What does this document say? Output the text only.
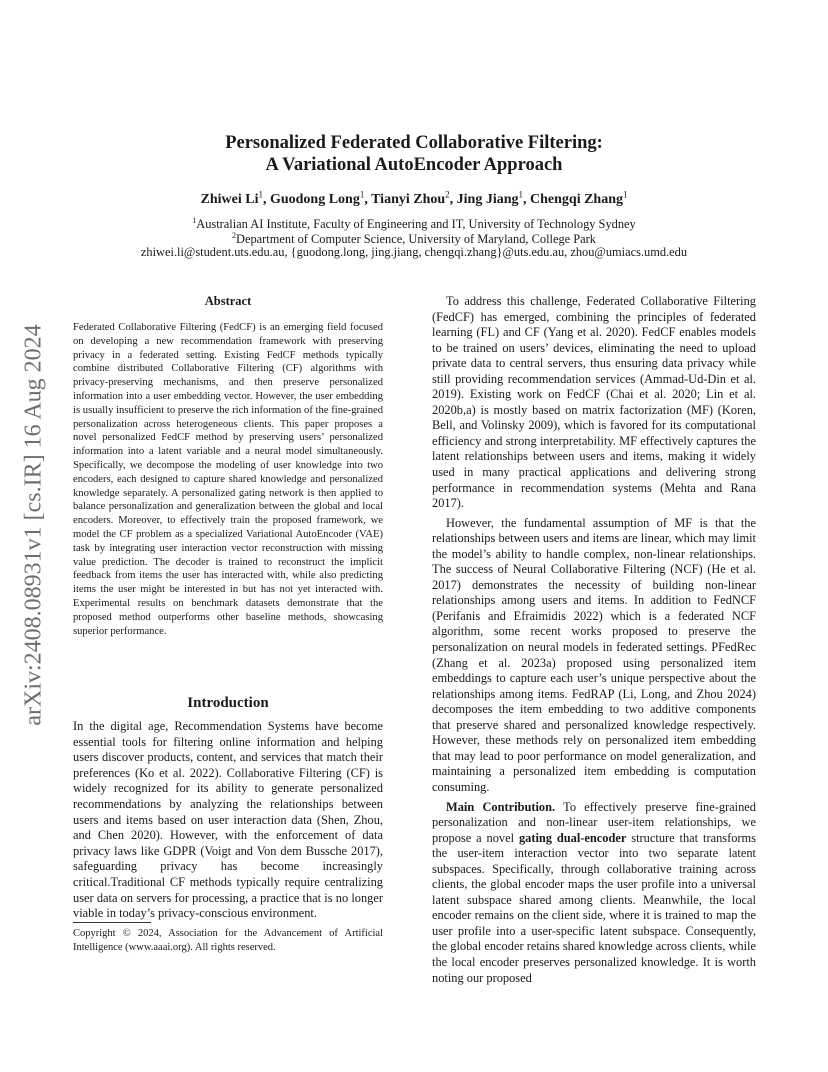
arXiv:2408.08931v1 [cs.IR] 16 Aug 2024
Personalized Federated Collaborative Filtering:
A Variational AutoEncoder Approach
Zhiwei Li$^1$, Guodong Long$^1$, Tianyi Zhou$^2$, Jing Jiang$^1$, Chengqi Zhang$^1$
$^1$Australian AI Institute, Faculty of Engineering and IT, University of Technology Sydney
$^2$Department of Computer Science, University of Maryland, College Park
zhiwei.li@student.uts.edu.au, {guodong.long, jing.jiang, chengqi.zhang}@uts.edu.au, zhou@umiacs.umd.edu
Abstract
Federated Collaborative Filtering (FedCF) is an emerging field focused on developing a new recommendation framework with preserving privacy in a federated setting. Existing FedCF methods typically combine distributed Collaborative Filtering (CF) algorithms with privacy-preserving mechanisms, and then preserve personalized information into a user embedding vector. However, the user embedding is usually insufficient to preserve the rich information of the fine-grained personalization across heterogeneous clients. This paper proposes a novel personalized FedCF method by preserving users’ personalized information into a latent variable and a neural model simultaneously. Specifically, we decompose the modeling of user knowledge into two encoders, each designed to capture shared knowledge and personalized knowledge separately. A personalized gating network is then applied to balance personalization and generalization between the global and local encoders. Moreover, to effectively train the proposed framework, we model the CF problem as a specialized Variational AutoEncoder (VAE) task by integrating user interaction vector reconstruction with missing value prediction. The decoder is trained to reconstruct the implicit feedback from items the user has interacted with, while also predicting items the user might be interested in but has not yet interacted with. Experimental results on benchmark datasets demonstrate that the proposed method outperforms other baseline methods, showcasing superior performance.
Introduction
In the digital age, Recommendation Systems have become essential tools for filtering online information and helping users discover products, content, and services that match their preferences (Ko et al. 2022). Collaborative Filtering (CF) is widely recognized for its ability to generate personalized recommendations by analyzing the relationships between users and items based on user interaction data (Shen, Zhou, and Chen 2020). However, with the enforcement of data privacy laws like GDPR (Voigt and Von dem Bussche 2017), safeguarding privacy has become increasingly critical.Traditional CF methods typically require centralizing user data on servers for processing, a practice that is no longer viable in today’s privacy-conscious environment.
Copyright © 2024, Association for the Advancement of Artificial Intelligence (www.aaai.org). All rights reserved.

To address this challenge, Federated Collaborative Filtering (FedCF) has emerged, combining the principles of federated learning (FL) and CF (Yang et al. 2020). FedCF enables models to be trained on users’ devices, eliminating the need to upload private data to central servers, thus ensuring data privacy while still providing recommendation services (Ammad-Ud-Din et al. 2019). Existing work on FedCF (Chai et al. 2020; Lin et al. 2020b,a) is mostly based on matrix factorization (MF) (Koren, Bell, and Volinsky 2009), which is favored for its computational efficiency and strong interpretability. MF effectively captures the latent relationships between users and items, making it widely used in many practical applications and delivering strong performance in recommendation systems (Mehta and Rana 2017).

However, the fundamental assumption of MF is that the relationships between users and items are linear, which may limit the model’s ability to handle complex, non-linear relationships. The success of Neural Collaborative Filtering (NCF) (He et al. 2017) demonstrates the necessity of building non-linear relationships among users and items. In addition to FedNCF (Perifanis and Efraimidis 2022) which is a federated NCF algorithm, some recent works proposed to preserve the personalization on neural models in federated settings. PFedRec (Zhang et al. 2023a) proposed using personalized item embeddings to capture each user’s unique perspective about the relationships among items. FedRAP (Li, Long, and Zhou 2024) decomposes the item embedding to two additive components that preserve shared and personalized knowledge respectively. However, these methods rely on personalized item embedding that may lead to poor performance on model generalization, and maintaining a personalized item embedding is computation consuming.

Main Contribution. To effectively preserve fine-grained personalization and non-linear user-item relationships, we propose a novel gating dual-encoder structure that transforms the user-item interaction vector into two separate latent subspaces. Specifically, through collaborative training across clients, the global encoder maps the user profile into a universal latent subspace shared among clients. Meanwhile, the local encoder remains on the client side, where it is trained to map the user profile into a user-specific latent subspace. Consequently, the global encoder retains shared knowledge across clients, while the local encoder preserves personalized knowledge. It is worth noting our proposed
